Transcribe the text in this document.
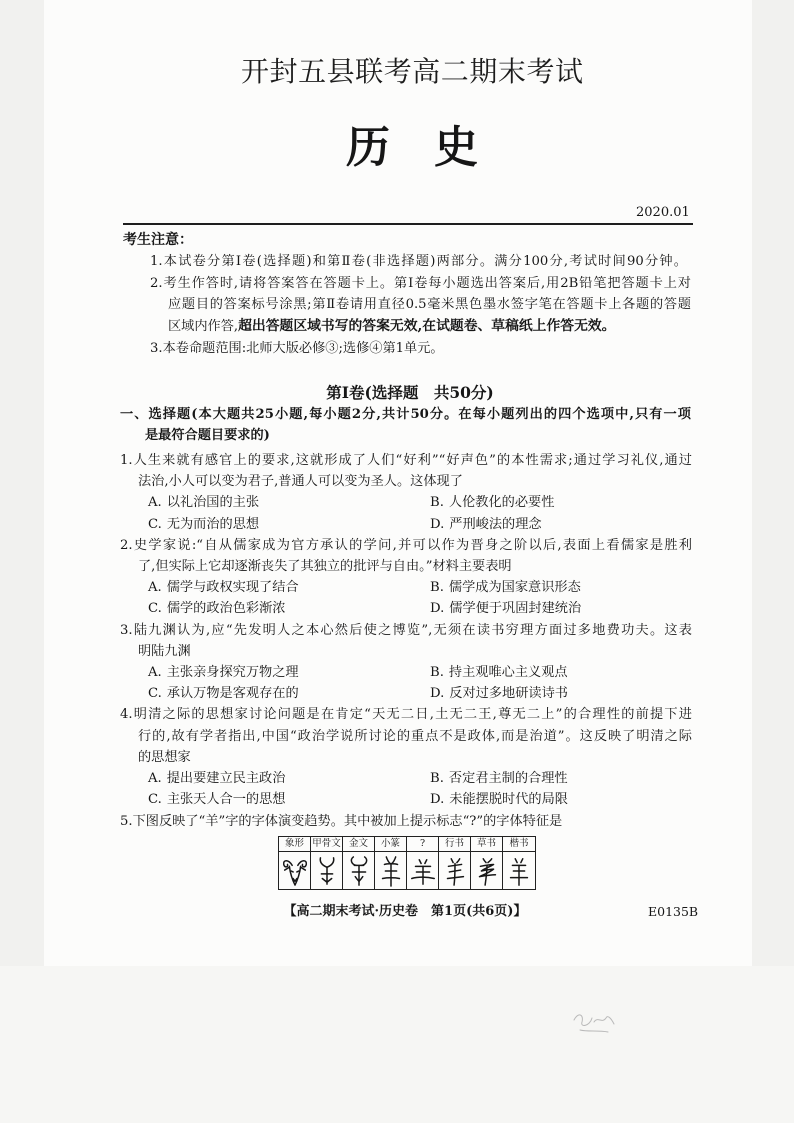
开封五县联考高二期末考试
历　史
2020.01
考生注意：
1.本试卷分第Ⅰ卷(选择题)和第Ⅱ卷(非选择题)两部分。满分100分,考试时间90分钟。
2.考生作答时,请将答案答在答题卡上。第Ⅰ卷每小题选出答案后,用2B铅笔把答题卡上对
应题目的答案标号涂黑;第Ⅱ卷请用直径0.5毫米黑色墨水签字笔在答题卡上各题的答题
区域内作答,超出答题区域书写的答案无效,在试题卷、草稿纸上作答无效。
3.本卷命题范围:北师大版必修③;选修④第1单元。
第Ⅰ卷(选择题　共50分)
一、选择题(本大题共25小题,每小题2分,共计50分。在每小题列出的四个选项中,只有一项
是最符合题目要求的)
1.人生来就有感官上的要求,这就形成了人们“好利”“好声色”的本性需求;通过学习礼仪,通过
法治,小人可以变为君子,普通人可以变为圣人。这体现了
A. 以礼治国的主张	B. 人伦教化的必要性
C. 无为而治的思想	D. 严刑峻法的理念
2.史学家说:“自从儒家成为官方承认的学问,并可以作为晋身之阶以后,表面上看儒家是胜利
了,但实际上它却逐渐丧失了其独立的批评与自由。”材料主要表明
A. 儒学与政权实现了结合	B. 儒学成为国家意识形态
C. 儒学的政治色彩渐浓	D. 儒学便于巩固封建统治
3.陆九渊认为,应“先发明人之本心然后使之博览”,无须在读书穷理方面过多地费功夫。这表
明陆九渊
A. 主张亲身探究万物之理	B. 持主观唯心主义观点
C. 承认万物是客观存在的	D. 反对过多地研读诗书
4.明清之际的思想家讨论问题是在肯定“天无二日,土无二王,尊无二上”的合理性的前提下进
行的,故有学者指出,中国“政治学说所讨论的重点不是政体,而是治道”。这反映了明清之际
的思想家
A. 提出要建立民主政治	B. 否定君主制的合理性
C. 主张天人合一的思想	D. 未能摆脱时代的局限
5.下图反映了“羊”字的字体演变趋势。其中被加上提示标志“?”的字体特征是
象形 甲骨文 金文	小篆	?	行书	草书	楷书
【高二期末考试·历史卷　第1页(共6页)】	E0135B
